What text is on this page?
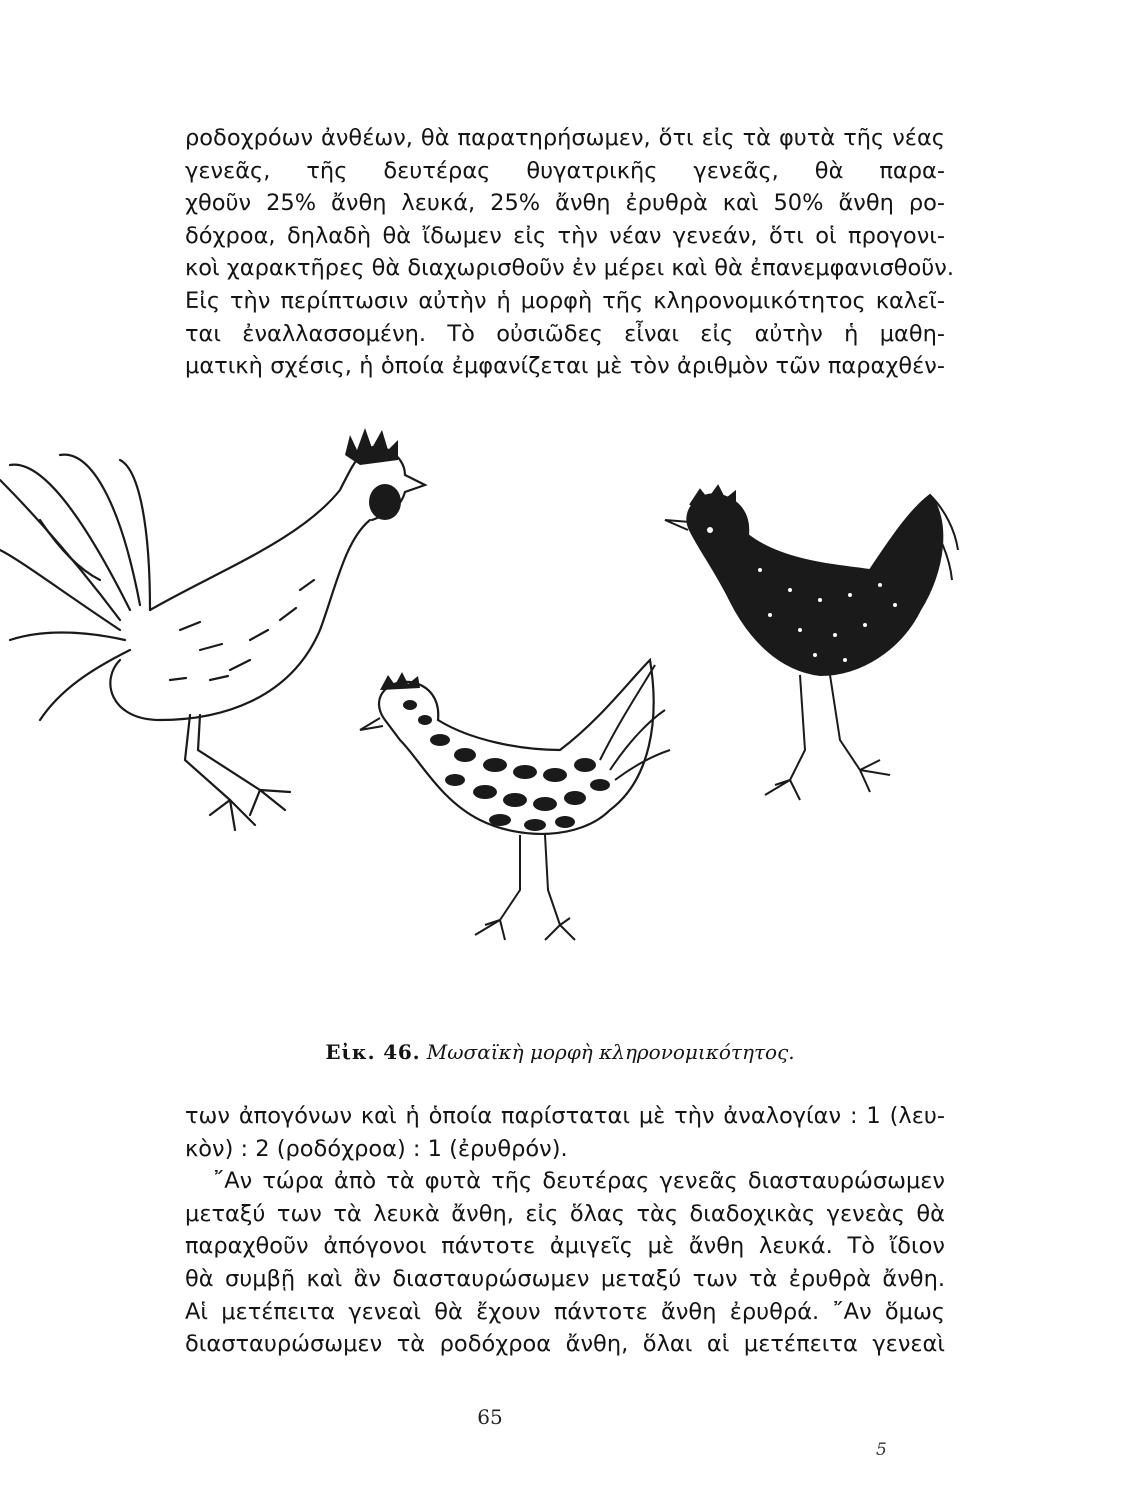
ροδοχρόων ἀνθέων, θὰ παρατηρήσωμεν, ὅτι εἰς τὰ φυτὰ τῆς νέας
γενεᾶς, τῆς δευτέρας θυγατρικῆς γενεᾶς, θὰ παρα-
χθοῦν 25% ἄνθη λευκά, 25% ἄνθη ἐρυθρὰ καὶ 50% ἄνθη ρο-
δόχροα, δηλαδὴ θὰ ἴδωμεν εἰς τὴν νέαν γενεάν, ὅτι οἱ προγονι-
κοὶ χαρακτῆρες θὰ διαχωρισθοῦν ἐν μέρει καὶ θὰ ἐπανεμφανισθοῦν.
Εἰς τὴν περίπτωσιν αὐτὴν ἡ μορφὴ τῆς κληρονομικότητος καλεῖ-
ται ἐναλλασσομένη. Τὸ οὐσιῶδες εἶναι εἰς αὐτὴν ἡ μαθη-
ματικὴ σχέσις, ἡ ὁποία ἐμφανίζεται μὲ τὸν ἀριθμὸν τῶν παραχθέν-
Εἰκ. 46. Μωσαϊκὴ μορφὴ κληρονομικότητος.
των ἀπογόνων καὶ ἡ ὁποία παρίσταται μὲ τὴν ἀναλογίαν : 1 (λευ-
κὸν) : 2 (ροδόχροα) : 1 (ἐρυθρόν).
῎Αν τώρα ἀπὸ τὰ φυτὰ τῆς δευτέρας γενεᾶς διασταυρώσωμεν
μεταξύ των τὰ λευκὰ ἄνθη, εἰς ὅλας τὰς διαδοχικὰς γενεὰς θὰ
παραχθοῦν ἀπόγονοι πάντοτε ἀμιγεῖς μὲ ἄνθη λευκά. Τὸ ἴδιον
θὰ συμβῇ καὶ ἂν διασταυρώσωμεν μεταξύ των τὰ ἐρυθρὰ ἄνθη.
Αἱ μετέπειτα γενεαὶ θὰ ἔχουν πάντοτε ἄνθη ἐρυθρά. ῎Αν ὅμως
διασταυρώσωμεν τὰ ροδόχροα ἄνθη, ὅλαι αἱ μετέπειτα γενεαὶ
65
5
